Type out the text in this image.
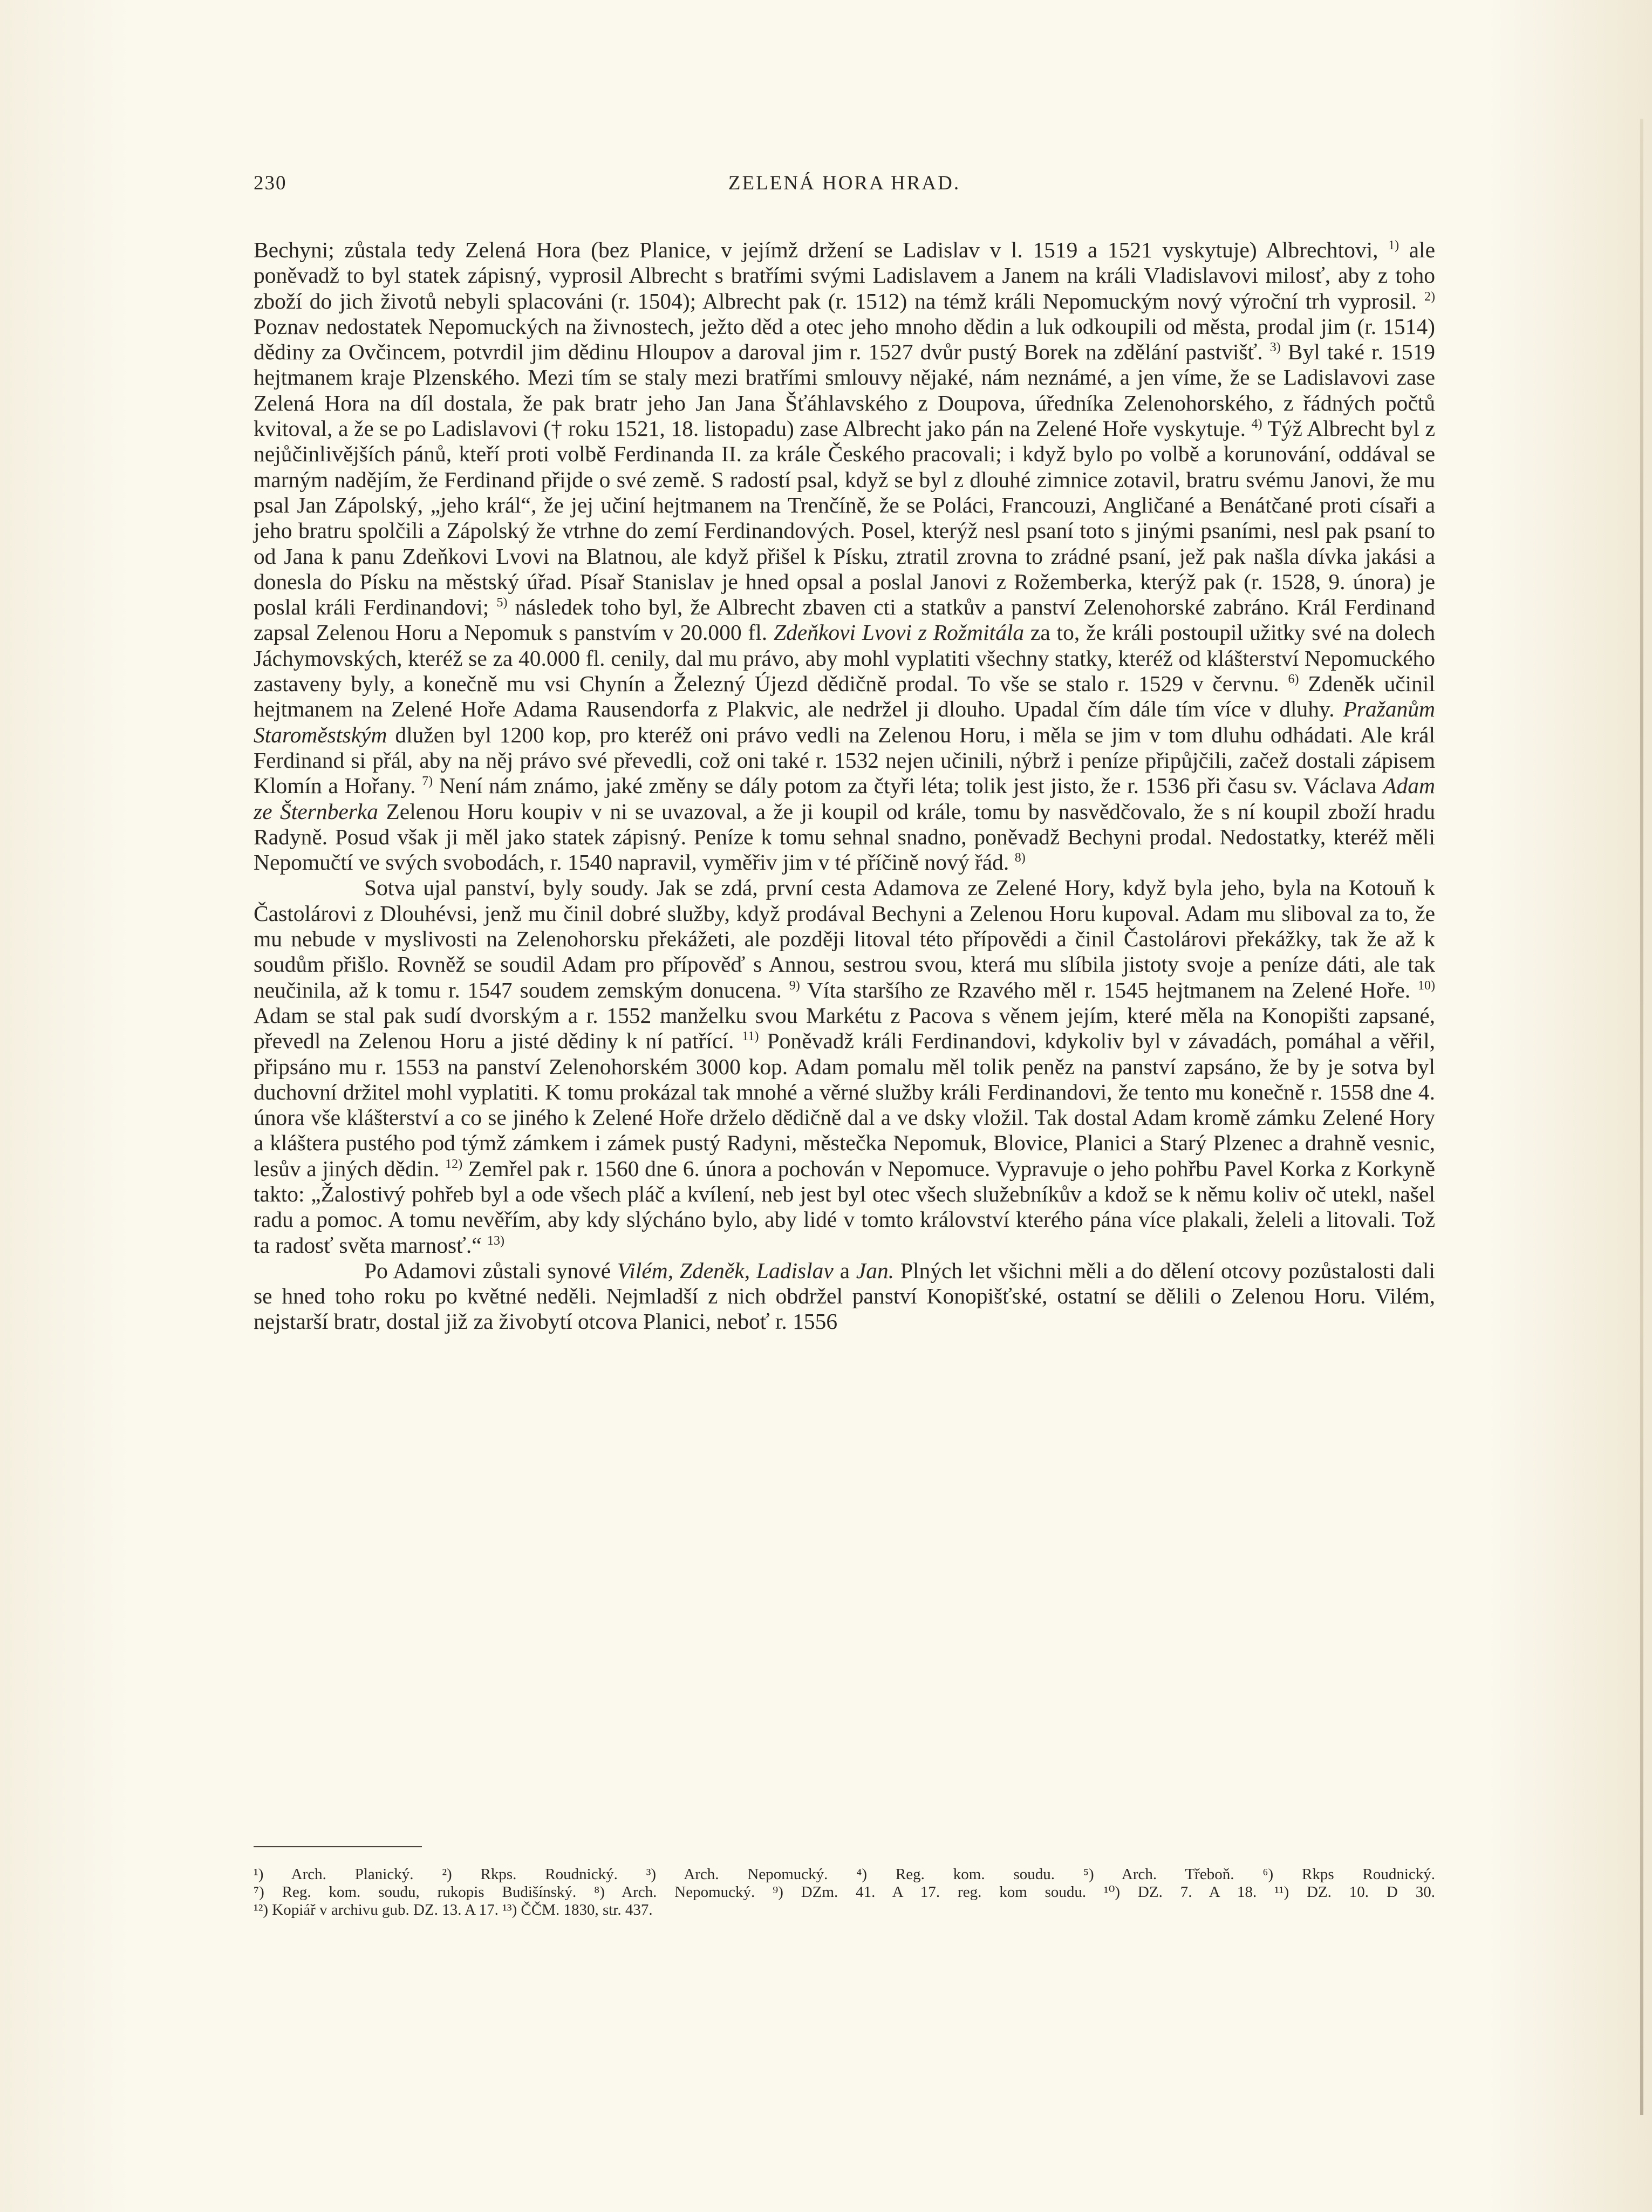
230	ZELENÁ HORA HRAD.

Bechyni; zůstala tedy Zelená Hora (bez Planice, v jejímž držení se Ladislav v l. 1519 a 1521 vyskytuje) Albrechtovi, $^{1)}$ ale poněvadž to byl statek zápisný, vyprosil Albrecht s bratřími svými Ladislavem a Janem na králi Vladislavovi milosť, aby z toho zboží do jich životů nebyli splacováni (r. 1504); Albrecht pak (r. 1512) na témž králi Nepomuckým nový výroční trh vyprosil. $^{2)}$ Poznav nedostatek Nepomuckých na živnostech, ježto děd a otec jeho mnoho dědin a luk odkoupili od města, prodal jim (r. 1514) dědiny za Ovčincem, potvrdil jim dědinu Hloupov a daroval jim r. 1527 dvůr pustý Borek na zdělání pastvišť. $^{3)}$ Byl také r. 1519 hejtmanem kraje Plzenského. Mezi tím se staly mezi bratřími smlouvy nějaké, nám neznámé, a jen víme, že se Ladislavovi zase Zelená Hora na díl dostala, že pak bratr jeho Jan Jana Šťáhlavského z Doupova, úředníka Zelenohorského, z řádných počtů kvitoval, a že se po Ladislavovi († roku 1521, 18. listopadu) zase Albrecht jako pán na Zelené Hoře vyskytuje. $^{4)}$ Týž Albrecht byl z nejůčinlivějších pánů, kteří proti volbě Ferdinanda II. za krále Českého pracovali; i když bylo po volbě a korunování, oddával se marným nadějím, že Ferdinand přijde o své země. S radostí psal, když se byl z dlouhé zimnice zotavil, bratru svému Janovi, že mu psal Jan Zápolský, „jeho král“, že jej učiní hejtmanem na Trenčíně, že se Poláci, Francouzi, Angličané a Benátčané proti císaři a jeho bratru spolčili a Zápolský že vtrhne do zemí Ferdinandových. Posel, kterýž nesl psaní toto s jinými psaními, nesl pak psaní to od Jana k panu Zdeňkovi Lvovi na Blatnou, ale když přišel k Písku, ztratil zrovna to zrádné psaní, jež pak našla dívka jakási a donesla do Písku na městský úřad. Písař Stanislav je hned opsal a poslal Janovi z Rožemberka, kterýž pak (r. 1528, 9. února) je poslal králi Ferdinandovi; $^{5)}$ následek toho byl, že Albrecht zbaven cti a statkův a panství Zelenohorské zabráno. Král Ferdinand zapsal Zelenou Horu a Nepomuk s panstvím v 20.000 fl. Zdeňkovi Lvovi z Rožmitála za to, že králi postoupil užitky své na dolech Jáchymovských, kteréž se za 40.000 fl. cenily, dal mu právo, aby mohl vyplatiti všechny statky, kteréž od klášterství Nepomuckého zastaveny byly, a konečně mu vsi Chynín a Železný Újezd dědičně prodal. To vše se stalo r. 1529 v červnu. $^{6)}$ Zdeněk učinil hejtmanem na Zelené Hoře Adama Rausendorfa z Plakvic, ale nedržel ji dlouho. Upadal čím dále tím více v dluhy. Pražanům Staroměstským dlužen byl 1200 kop, pro kteréž oni právo vedli na Zelenou Horu, i měla se jim v tom dluhu odhádati. Ale král Ferdinand si přál, aby na něj právo své převedli, což oni také r. 1532 nejen učinili, nýbrž i peníze připůjčili, začež dostali zápisem Klomín a Hořany. $^{7)}$ Není nám známo, jaké změny se dály potom za čtyři léta; tolik jest jisto, že r. 1536 při času sv. Václava Adam ze Šternberka Zelenou Horu koupiv v ni se uvazoval, a že ji koupil od krále, tomu by nasvědčovalo, že s ní koupil zboží hradu Radyně. Posud však ji měl jako statek zápisný. Peníze k tomu sehnal snadno, poněvadž Bechyni prodal. Nedostatky, kteréž měli Nepomučtí ve svých svobodách, r. 1540 napravil, vyměřiv jim v té příčině nový řád. $^{8)}$

Sotva ujal panství, byly soudy. Jak se zdá, první cesta Adamova ze Zelené Hory, když byla jeho, byla na Kotouň k Častolárovi z Dlouhévsi, jenž mu činil dobré služby, když prodával Bechyni a Zelenou Horu kupoval. Adam mu sliboval za to, že mu nebude v myslivosti na Zelenohorsku překážeti, ale později litoval této přípovědi a činil Častolárovi překážky, tak že až k soudům přišlo. Rovněž se soudil Adam pro přípověď s Annou, sestrou svou, která mu slíbila jistoty svoje a peníze dáti, ale tak neučinila, až k tomu r. 1547 soudem zemským donucena. $^{9)}$ Víta staršího ze Rzavého měl r. 1545 hejtmanem na Zelené Hoře. $^{10)}$ Adam se stal pak sudí dvorským a r. 1552 manželku svou Markétu z Pacova s věnem jejím, které měla na Konopišti zapsané, převedl na Zelenou Horu a jisté dědiny k ní patřící. $^{11)}$ Poněvadž králi Ferdinandovi, kdykoliv byl v závadách, pomáhal a věřil, připsáno mu r. 1553 na panství Zelenohorském 3000 kop. Adam pomalu měl tolik peněz na panství zapsáno, že by je sotva byl duchovní držitel mohl vyplatiti. K tomu prokázal tak mnohé a věrné služby králi Ferdinandovi, že tento mu konečně r. 1558 dne 4. února vše klášterství a co se jiného k Zelené Hoře drželo dědičně dal a ve dsky vložil. Tak dostal Adam kromě zámku Zelené Hory a kláštera pustého pod týmž zámkem i zámek pustý Radyni, městečka Nepomuk, Blovice, Planici a Starý Plzenec a drahně vesnic, lesův a jiných dědin. $^{12)}$ Zemřel pak r. 1560 dne 6. února a pochován v Nepomuce. Vypravuje o jeho pohřbu Pavel Korka z Korkyně takto: „Žalostivý pohřeb byl a ode všech pláč a kvílení, neb jest byl otec všech služebníkův a kdož se k němu koliv oč utekl, našel radu a pomoc. A tomu nevěřím, aby kdy slýcháno bylo, aby lidé v tomto království kterého pána více plakali, želeli a litovali. Tož ta radosť světa marnosť.“ $^{13)}$

Po Adamovi zůstali synové Vilém, Zdeněk, Ladislav a Jan. Plných let všichni měli a do dělení otcovy pozůstalosti dali se hned toho roku po květné neděli. Nejmladší z nich obdržel panství Konopišťské, ostatní se dělili o Zelenou Horu. Vilém, nejstarší bratr, dostal již za živobytí otcova Planici, neboť r. 1556

¹) Arch. Planický. ²) Rkps. Roudnický. ³) Arch. Nepomucký. ⁴) Reg. kom. soudu. ⁵) Arch. Třeboň. ⁶) Rkps Roudnický.
⁷) Reg. kom. soudu, rukopis Budišínský. ⁸) Arch. Nepomucký. ⁹) DZm. 41. A 17. reg. kom soudu. ¹⁰) DZ. 7. A 18. ¹¹) DZ. 10. D 30.
¹²) Kopiář v archivu gub. DZ. 13. A 17. ¹³) ČČM. 1830, str. 437.
